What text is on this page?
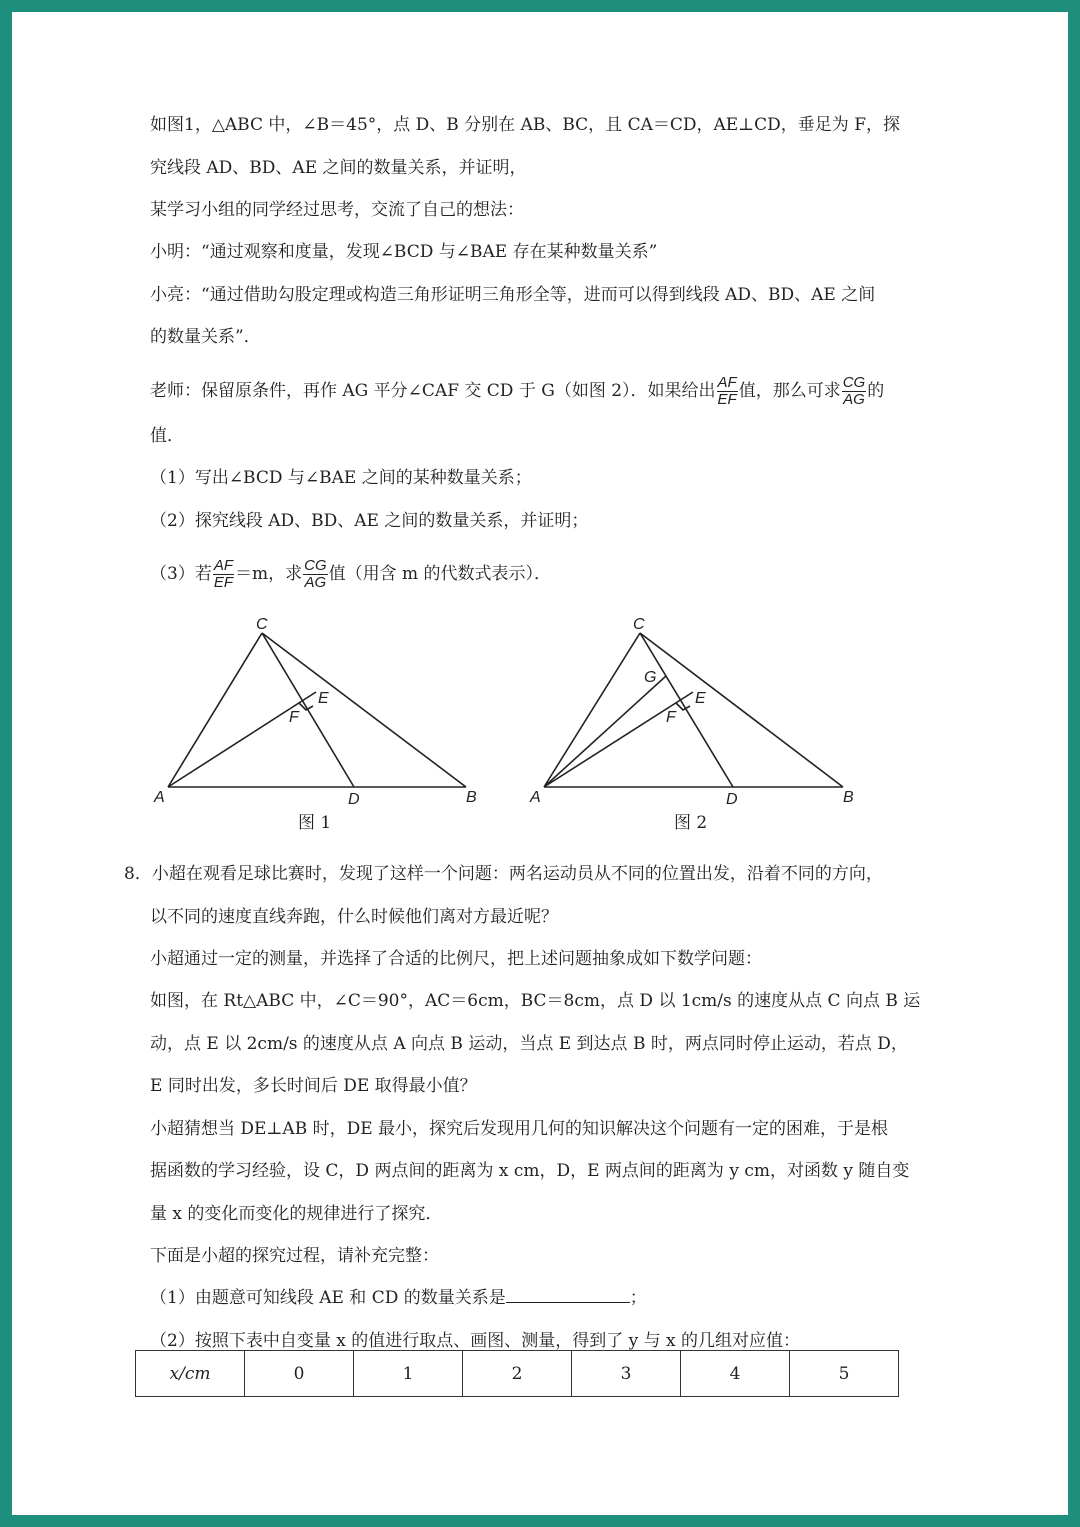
如图1，△ABC 中，∠B＝45°，点 D、B 分别在 AB、BC，且 CA＝CD，AE⊥CD，垂足为 F，探
究线段 AD、BD、AE 之间的数量关系，并证明，
某学习小组的同学经过思考，交流了自己的想法：
小明：“通过观察和度量，发现∠BCD 与∠BAE 存在某种数量关系”
小亮：“通过借助勾股定理或构造三角形证明三角形全等，进而可以得到线段 AD、BD、AE 之间
的数量关系”．
老师：保留原条件，再作 AG 平分∠CAF 交 CD 于 G（如图 2）．如果给出 $\frac{AF}{EF}$ 值，那么可求 $\frac{CG}{AG}$ 的
值．
（1）写出∠BCD 与∠BAE 之间的某种数量关系；
（2）探究线段 AD、BD、AE 之间的数量关系，并证明；
（3）若 $\frac{AF}{EF} =m$，求 $\frac{CG}{AG}$ 值（用含 m 的代数式表示）．
C
A	D	B
E
F
图 1
C
G
A	D	B
E
F
图 2
8．小超在观看足球比赛时，发现了这样一个问题：两名运动员从不同的位置出发，沿着不同的方向，
以不同的速度直线奔跑，什么时候他们离对方最近呢？
小超通过一定的测量，并选择了合适的比例尺，把上述问题抽象成如下数学问题：
如图，在 Rt△ABC 中，∠C＝90°，AC＝6cm，BC＝8cm，点 D 以 1cm/s 的速度从点 C 向点 B 运
动，点 E 以 2cm/s 的速度从点 A 向点 B 运动，当点 E 到达点 B 时，两点同时停止运动，若点 D，
E 同时出发，多长时间后 DE 取得最小值？
小超猜想当 DE⊥AB 时，DE 最小，探究后发现用几何的知识解决这个问题有一定的困难，于是根
据函数的学习经验，设 C，D 两点间的距离为 x cm，D，E 两点间的距离为 y cm，对函数 y 随自变
量 x 的变化而变化的规律进行了探究．
下面是小超的探究过程，请补充完整：
（1）由题意可知线段 AE 和 CD 的数量关系是	；
（2）按照下表中自变量 x 的值进行取点、画图、测量，得到了 y 与 x 的几组对应值：
x/cm	0	1	2	3	4	5
